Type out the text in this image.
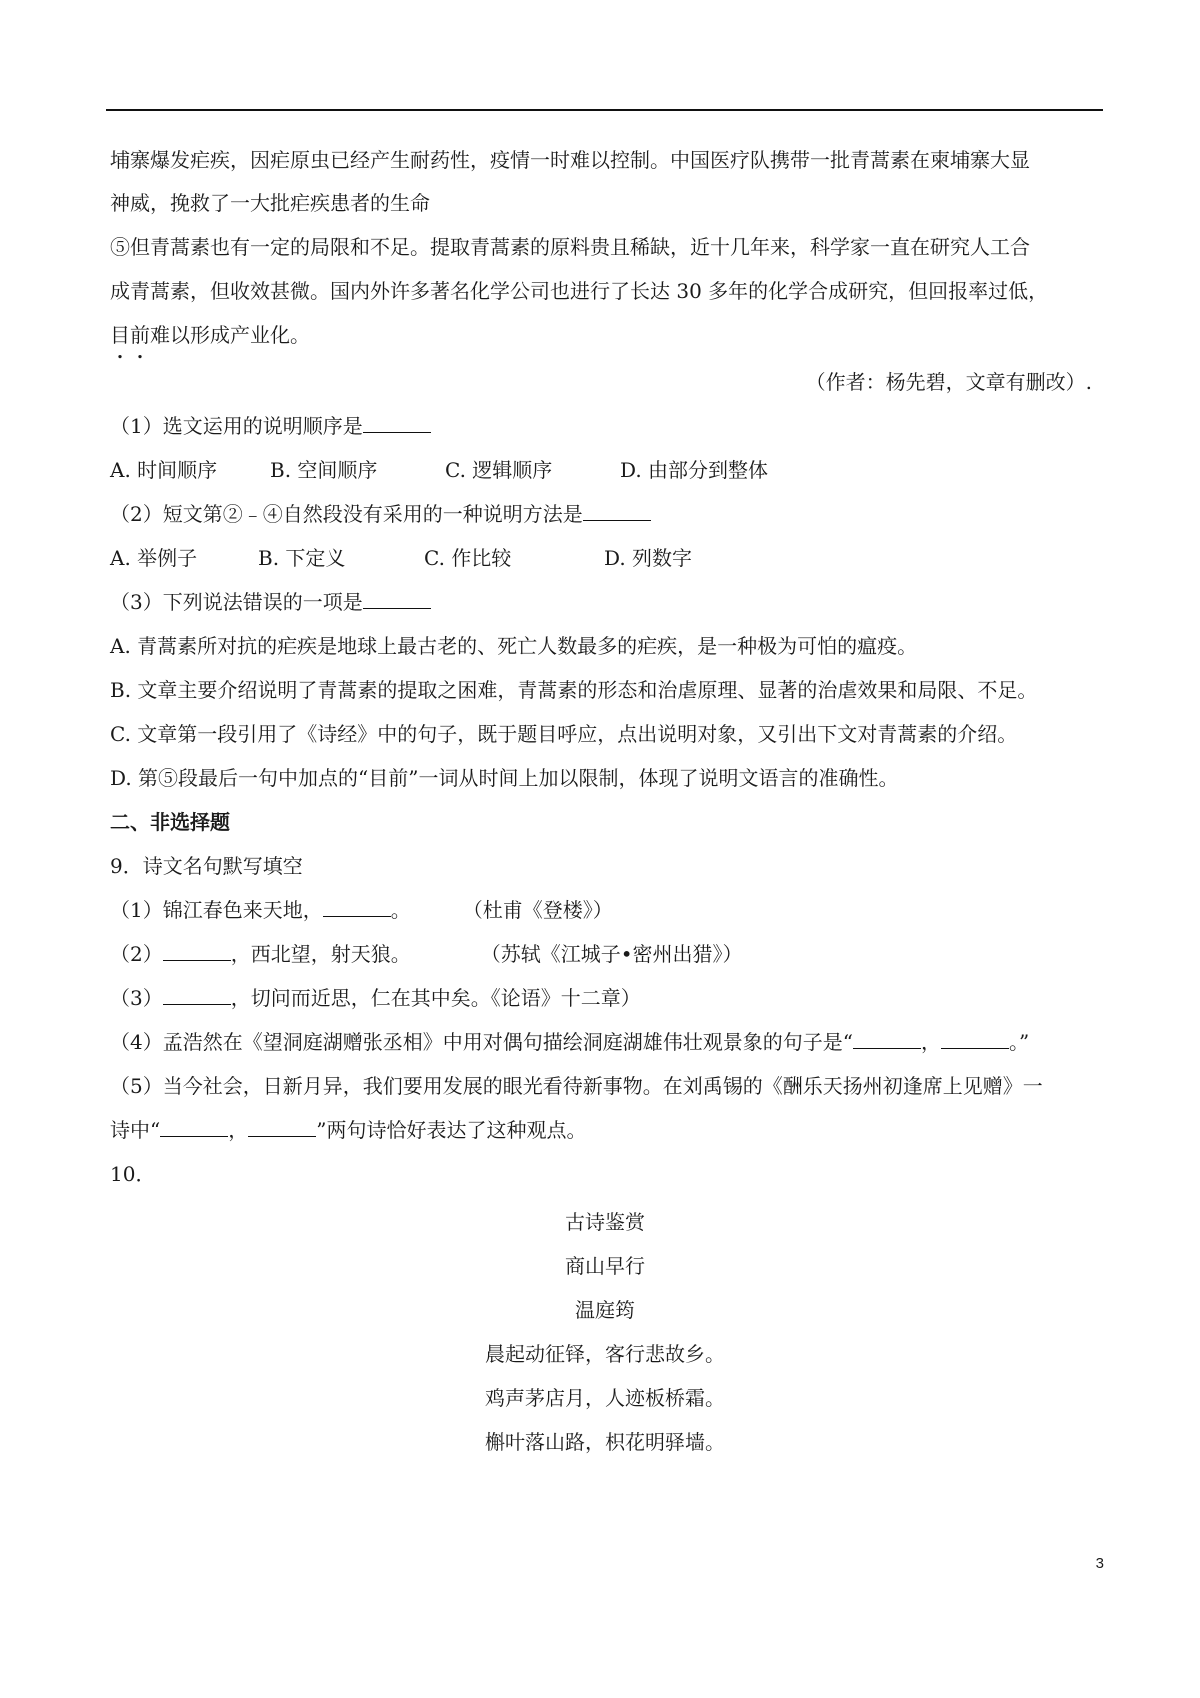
埔寨爆发疟疾，因疟原虫已经产生耐药性，疫情一时难以控制。中国医疗队携带一批青蒿素在柬埔寨大显
神威，挽救了一大批疟疾患者的生命
⑤但青蒿素也有一定的局限和不足。提取青蒿素的原料贵且稀缺，近十几年来，科学家一直在研究人工合
成青蒿素，但收效甚微。国内外许多著名化学公司也进行了长达 30 多年的化学合成研究，但回报率过低，
目前难以形成产业化。
（作者：杨先碧，文章有删改）.
（1）选文运用的说明顺序是
A. 时间顺序	B. 空间顺序	C. 逻辑顺序	D. 由部分到整体
（2）短文第②﹣④自然段没有采用的一种说明方法是
A. 举例子	B. 下定义	C. 作比较	D. 列数字
（3）下列说法错误的一项是
A. 青蒿素所对抗的疟疾是地球上最古老的、死亡人数最多的疟疾，是一种极为可怕的瘟疫。
B. 文章主要介绍说明了青蒿素的提取之困难，青蒿素的形态和治虐原理、显著的治虐效果和局限、不足。
C. 文章第一段引用了《诗经》中的句子，既于题目呼应，点出说明对象，又引出下文对青蒿素的介绍。
D. 第⑤段最后一句中加点的“目前”一词从时间上加以限制，体现了说明文语言的准确性。
二、非选择题
9．诗文名句默写填空
（1）锦江春色来天地，	。	（杜甫《登楼》）
（2）	，西北望，射天狼。	（苏轼《江城子•密州出猎》）
（3）	，切问而近思，仁在其中矣。《论语》十二章）
（4）孟浩然在《望洞庭湖赠张丞相》中用对偶句描绘洞庭湖雄伟壮观景象的句子是“	，	。”
（5）当今社会，日新月异，我们要用发展的眼光看待新事物。在刘禹锡的《酬乐天扬州初逢席上见赠》一
诗中“	，	”两句诗恰好表达了这种观点。
10．
古诗鉴赏
商山早行
温庭筠
晨起动征铎，客行悲故乡。
鸡声茅店月，人迹板桥霜。
槲叶落山路，枳花明驿墙。
3
